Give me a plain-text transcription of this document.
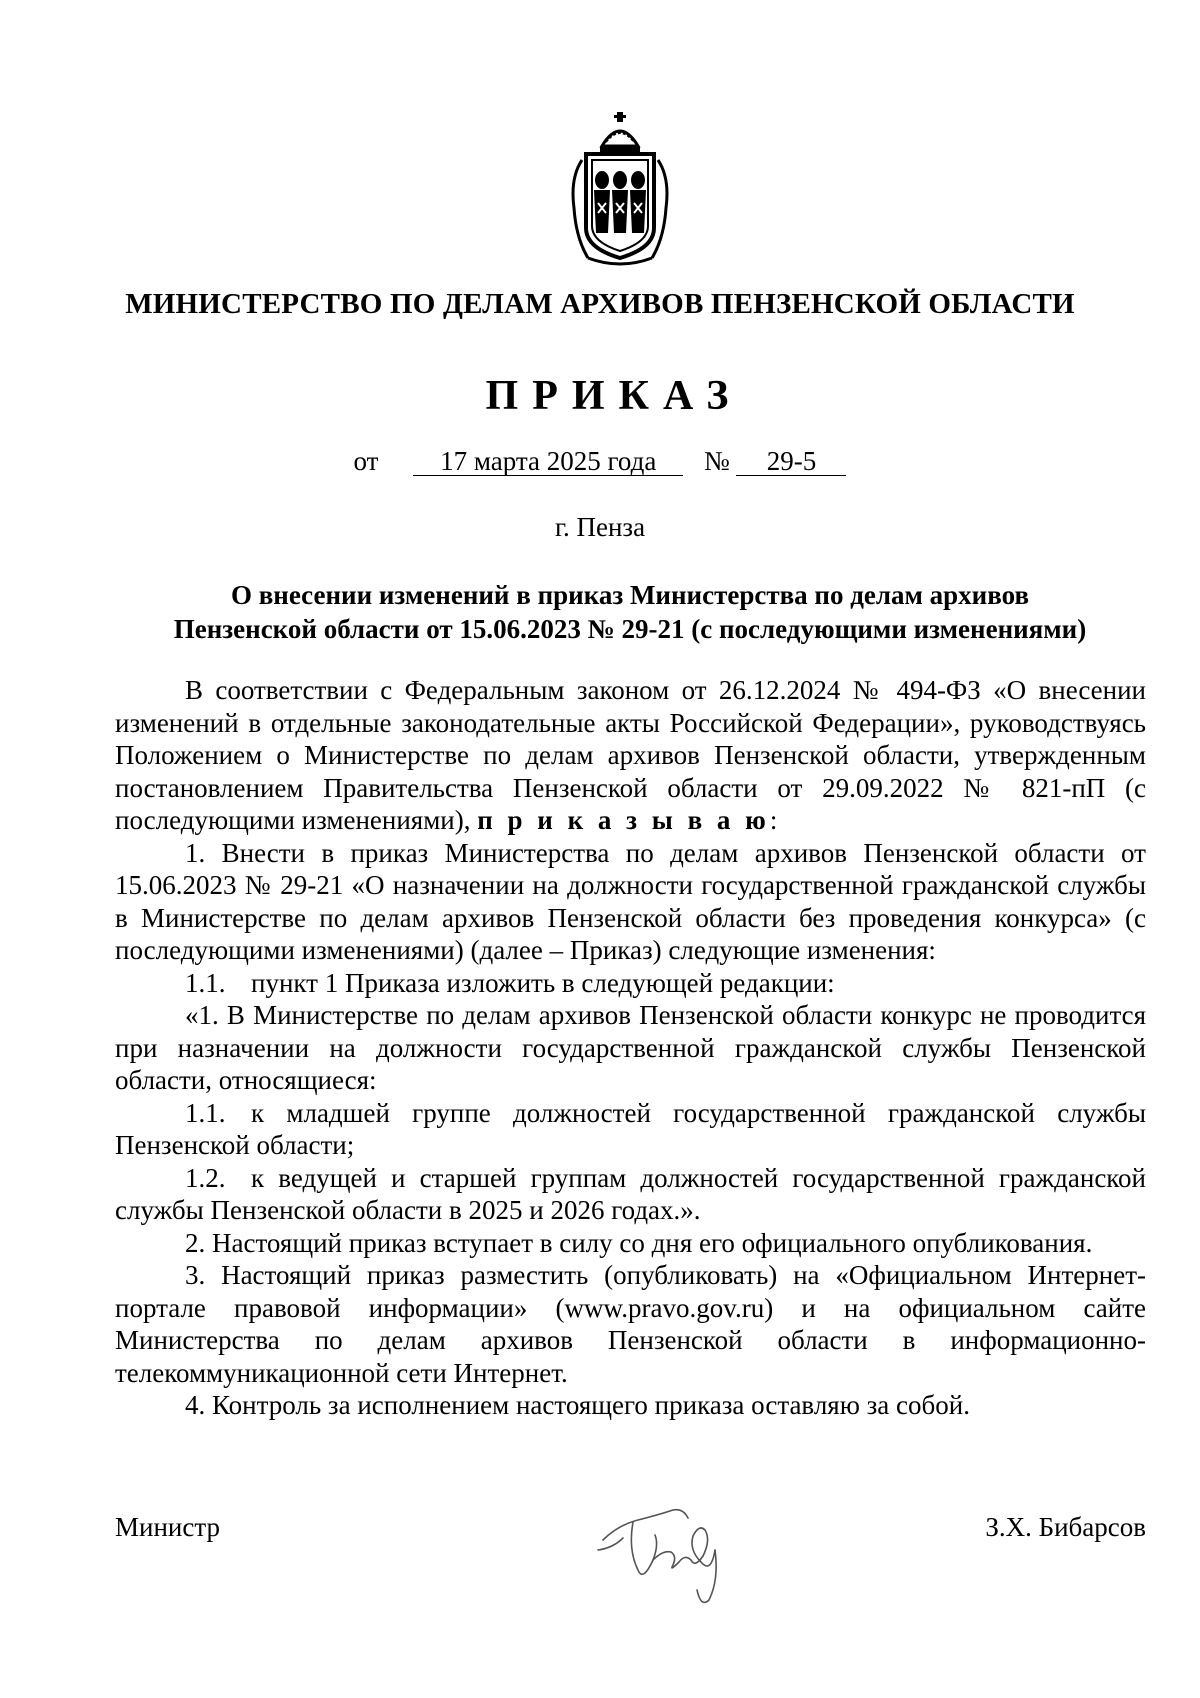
МИНИСТЕРСТВО ПО ДЕЛАМ АРХИВОВ ПЕНЗЕНСКОЙ ОБЛАСТИ
ПРИКАЗ
от 17 марта 2025 года № 29-5
г. Пенза
О внесении изменений в приказ Министерства по делам архивов
Пензенской области от 15.06.2023 № 29-21 (с последующими изменениями)

В соответствии с Федеральным законом от 26.12.2024 № 494-ФЗ «О внесении изменений в отдельные законодательные акты Российской Федерации», руководствуясь Положением о Министерстве по делам архивов Пензенской области, утвержденным постановлением Правительства Пензенской области от 29.09.2022 № 821-пП (с последующими изменениями), п р и к а з ы в а ю:

1. Внести в приказ Министерства по делам архивов Пензенской области от 15.06.2023 № 29-21 «О назначении на должности государственной гражданской службы в Министерстве по делам архивов Пензенской области без проведения конкурса» (с последующими изменениями) (далее – Приказ) следующие изменения:

1.1. пункт 1 Приказа изложить в следующей редакции:

«1. В Министерстве по делам архивов Пензенской области конкурс не проводится при назначении на должности государственной гражданской службы Пензенской области, относящиеся:

1.1. к младшей группе должностей государственной гражданской службы Пензенской области;

1.2. к ведущей и старшей группам должностей государственной гражданской службы Пензенской области в 2025 и 2026 годах.».

2. Настоящий приказ вступает в силу со дня его официального опубликования.

3. Настоящий приказ разместить (опубликовать) на «Официальном Интернет-портале правовой информации» (www.pravo.gov.ru) и на официальном сайте Министерства по делам архивов Пензенской области в информационно-телекоммуникационной сети Интернет.

4. Контроль за исполнением настоящего приказа оставляю за собой.

Министр	З.Х. Бибарсов
